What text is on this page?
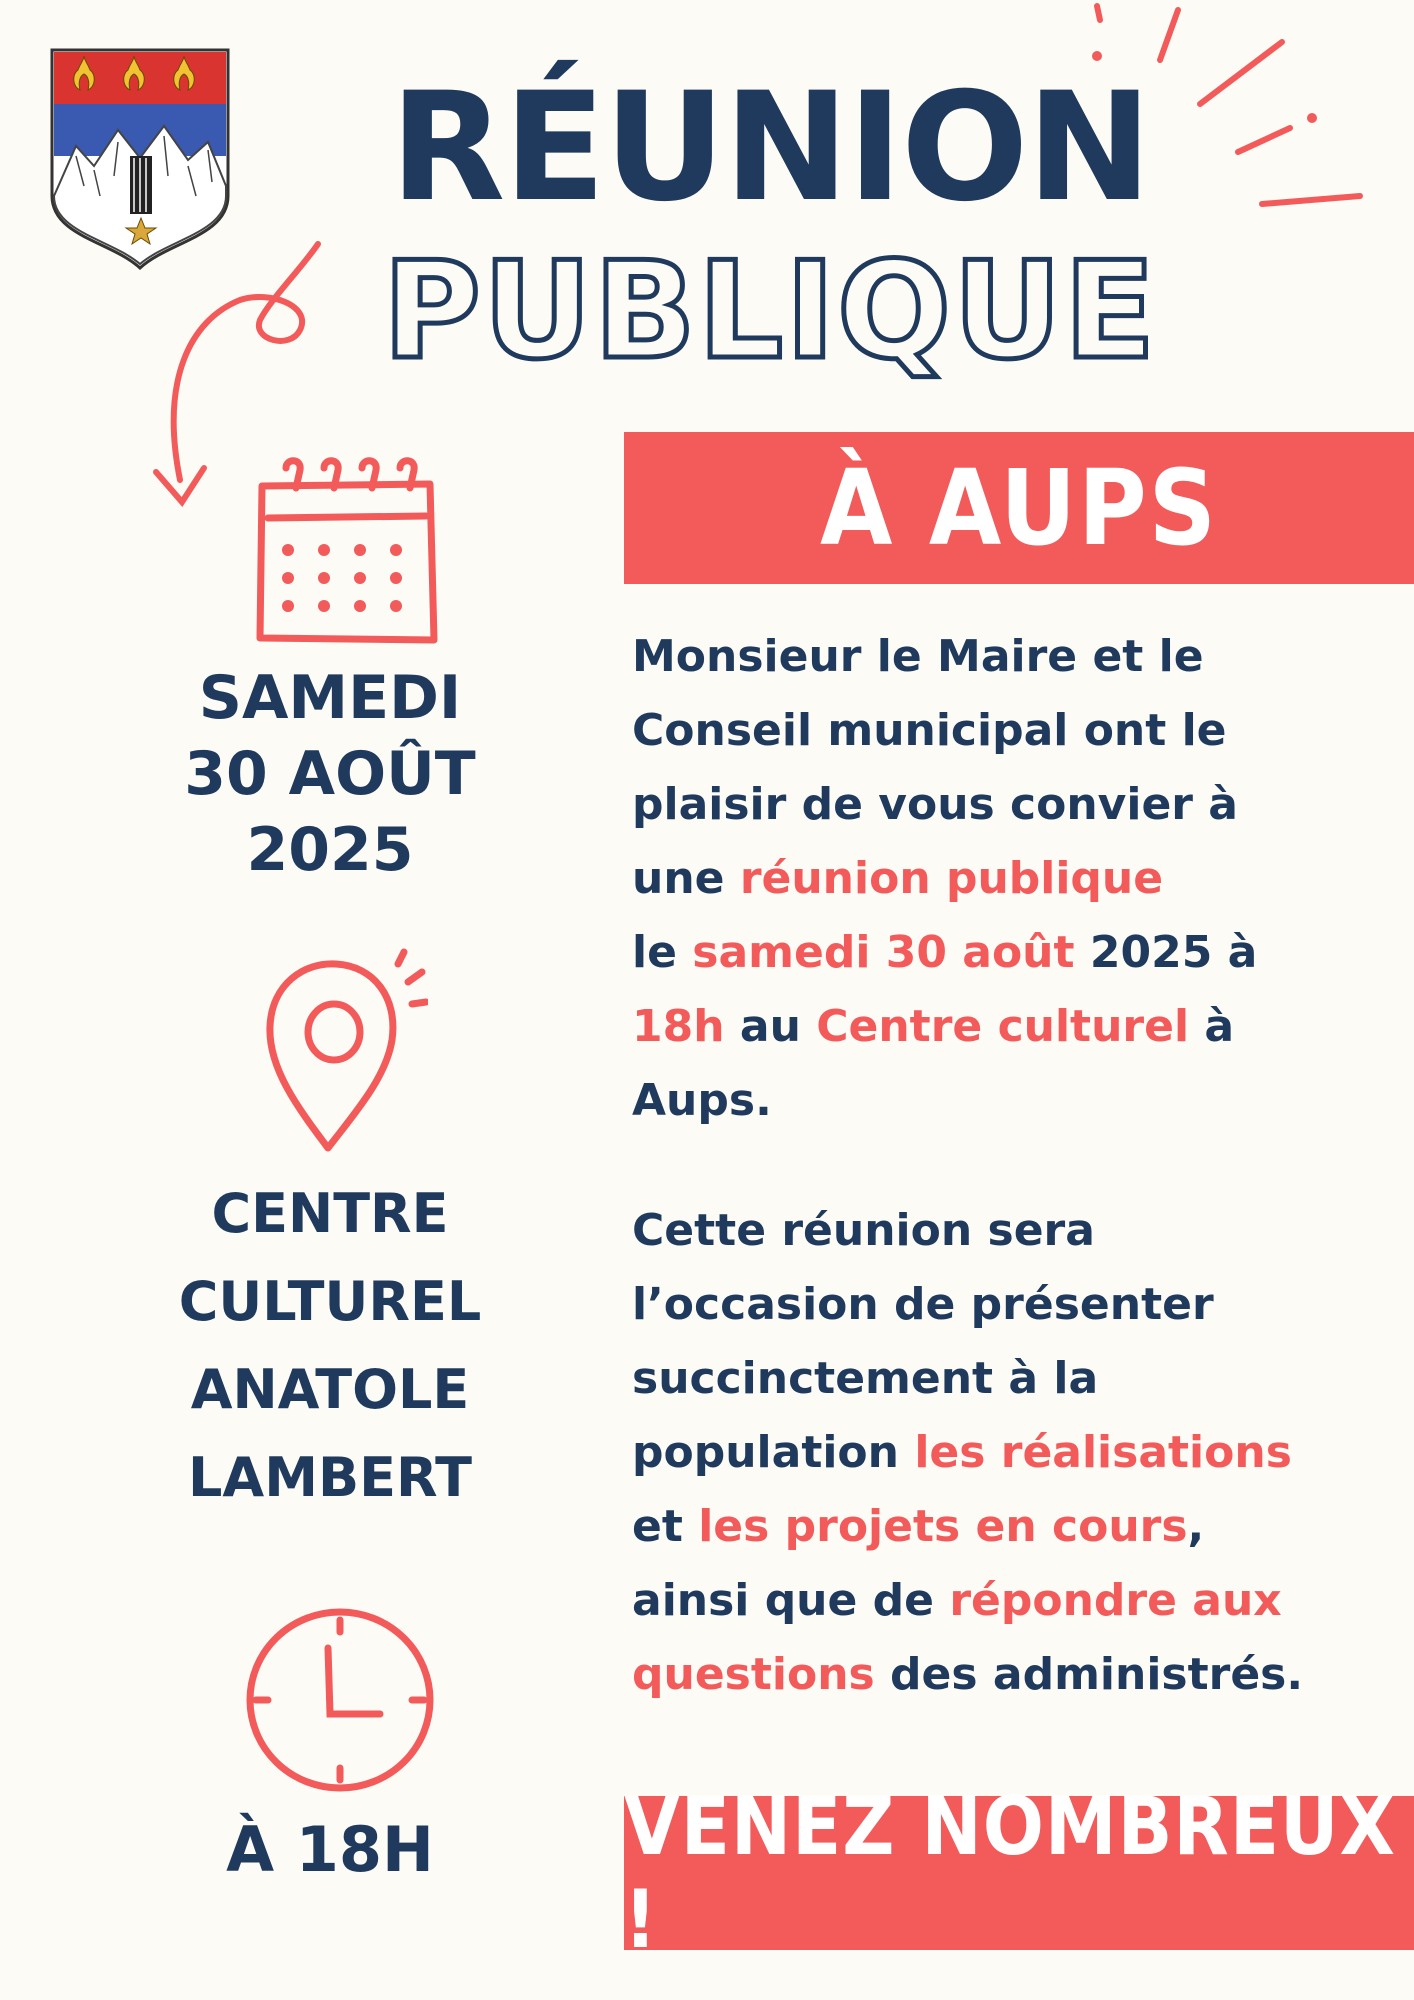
RÉUNION
PUBLIQUE
À AUPS
SAMEDI
30 AOÛT
2025
CENTRE
CULTUREL
ANATOLE
LAMBERT
À 18H

Monsieur le Maire et le
Conseil municipal ont le
plaisir de vous convier à
une réunion publique
le samedi 30 août 2025 à
18h au Centre culturel à
Aups.

Cette réunion sera
l’occasion de présenter
succinctement à la
population les réalisations
et les projets en cours,
ainsi que de répondre aux
questions des administrés.

VENEZ NOMBREUX !
